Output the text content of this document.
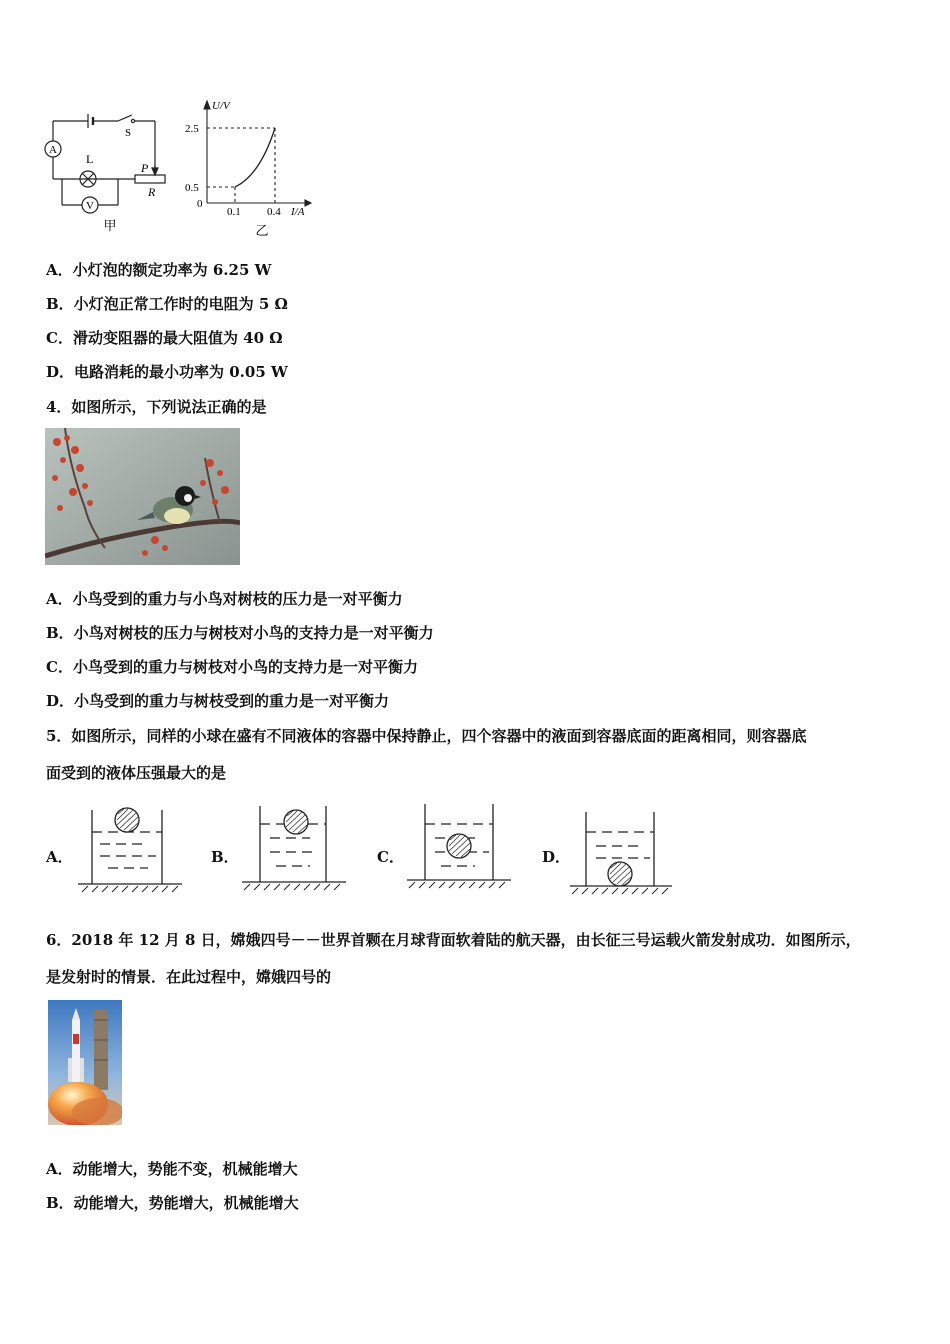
A
S
L
V
P
R
甲
U/V
I/A
0
2.5
0.5
0.1 0.4
乙
A．小灯泡的额定功率为 6.25 W
B．小灯泡正常工作时的电阻为 5 Ω
C．滑动变阻器的最大阻值为 40 Ω
D．电路消耗的最小功率为 0.05 W
4．如图所示，下列说法正确的是
A．小鸟受到的重力与小鸟对树枝的压力是一对平衡力
B．小鸟对树枝的压力与树枝对小鸟的支持力是一对平衡力
C．小鸟受到的重力与树枝对小鸟的支持力是一对平衡力
D．小鸟受到的重力与树枝受到的重力是一对平衡力
5．如图所示，同样的小球在盛有不同液体的容器中保持静止，四个容器中的液面到容器底面的距离相同，则容器底
面受到的液体压强最大的是
A．	B．	C．	D．
6．2018 年 12 月 8 日，嫦娥四号－－世界首颗在月球背面软着陆的航天器，由长征三号运载火箭发射成功．如图所示，
是发射时的情景．在此过程中，嫦娥四号的
A．动能增大，势能不变，机械能增大
B．动能增大，势能增大，机械能增大
